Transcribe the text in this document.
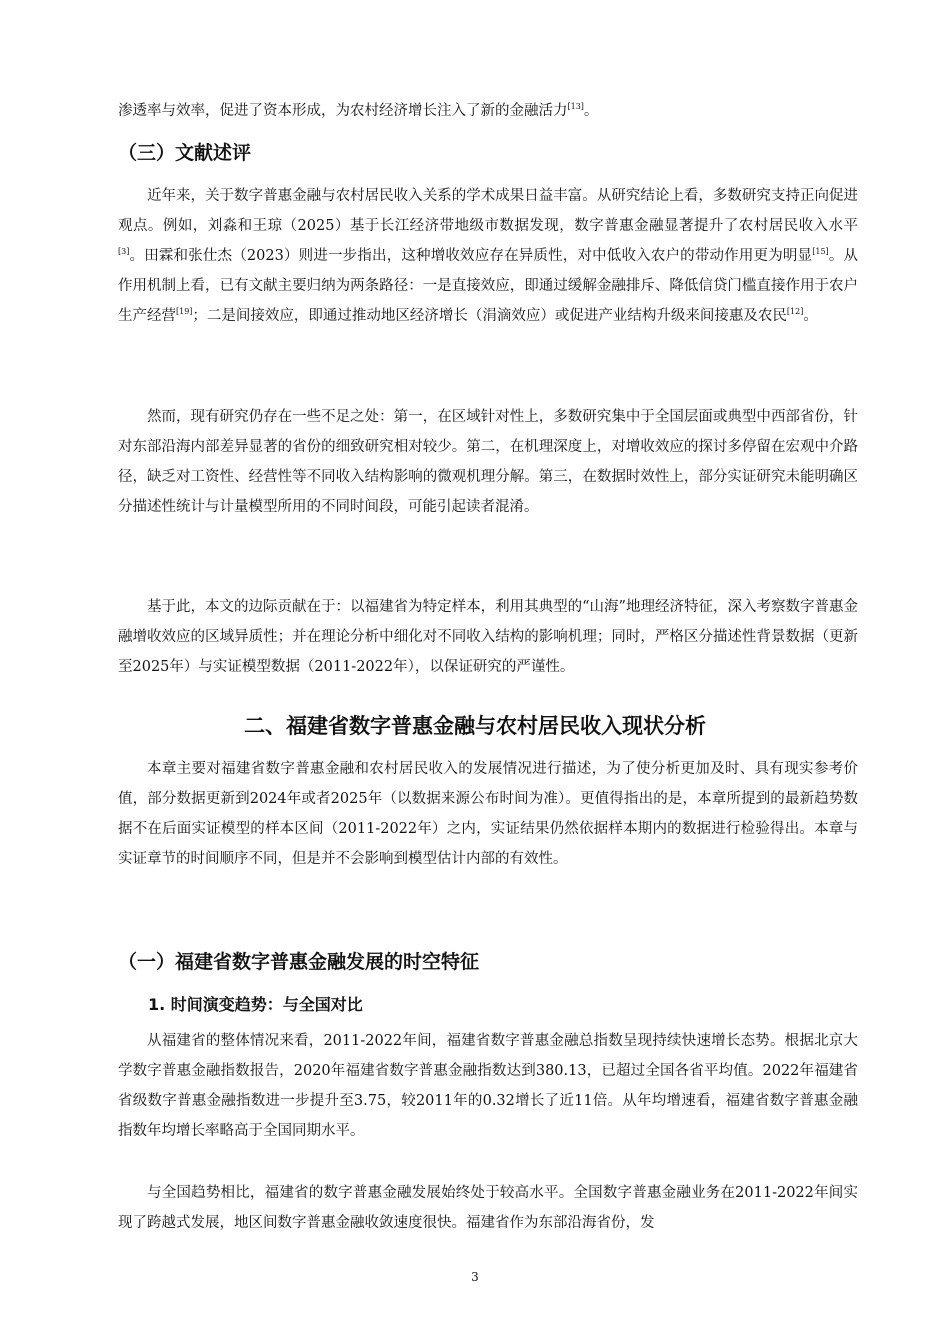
渗透率与效率，促进了资本形成，为农村经济增长注入了新的金融活力[13]。

（三）文献述评

近年来，关于数字普惠金融与农村居民收入关系的学术成果日益丰富。从研究结论上看，多数研究支持正向促进观点。例如，刘淼和王琼（2025）基于长江经济带地级市数据发现，数字普惠金融显著提升了农村居民收入水平[3]。田霖和张仕杰（2023）则进一步指出，这种增收效应存在异质性，对中低收入农户的带动作用更为明显[15]。从作用机制上看，已有文献主要归纳为两条路径：一是直接效应，即通过缓解金融排斥、降低信贷门槛直接作用于农户生产经营[19]；二是间接效应，即通过推动地区经济增长（涓滴效应）或促进产业结构升级来间接惠及农民[12]。

然而，现有研究仍存在一些不足之处：第一，在区域针对性上，多数研究集中于全国层面或典型中西部省份，针对东部沿海内部差异显著的省份的细致研究相对较少。第二，在机理深度上，对增收效应的探讨多停留在宏观中介路径，缺乏对工资性、经营性等不同收入结构影响的微观机理分解。第三，在数据时效性上，部分实证研究未能明确区分描述性统计与计量模型所用的不同时间段，可能引起读者混淆。

基于此，本文的边际贡献在于：以福建省为特定样本，利用其典型的“山海”地理经济特征，深入考察数字普惠金融增收效应的区域异质性；并在理论分析中细化对不同收入结构的影响机理；同时，严格区分描述性背景数据（更新至2025年）与实证模型数据（2011-2022年），以保证研究的严谨性。

二、福建省数字普惠金融与农村居民收入现状分析

本章主要对福建省数字普惠金融和农村居民收入的发展情况进行描述，为了使分析更加及时、具有现实参考价值，部分数据更新到2024年或者2025年（以数据来源公布时间为准）。更值得指出的是，本章所提到的最新趋势数据不在后面实证模型的样本区间（2011-2022年）之内，实证结果仍然依据样本期内的数据进行检验得出。本章与实证章节的时间顺序不同，但是并不会影响到模型估计内部的有效性。

（一）福建省数字普惠金融发展的时空特征
1. 时间演变趋势：与全国对比

从福建省的整体情况来看，2011-2022年间，福建省数字普惠金融总指数呈现持续快速增长态势。根据北京大学数字普惠金融指数报告，2020年福建省数字普惠金融指数达到380.13，已超过全国各省平均值。2022年福建省省级数字普惠金融指数进一步提升至3.75，较2011年的0.32增长了近11倍。从年均增速看，福建省数字普惠金融指数年均增长率略高于全国同期水平。

与全国趋势相比，福建省的数字普惠金融发展始终处于较高水平。全国数字普惠金融业务在2011-2022年间实现了跨越式发展，地区间数字普惠金融收敛速度很快。福建省作为东部沿海省份，发

3
